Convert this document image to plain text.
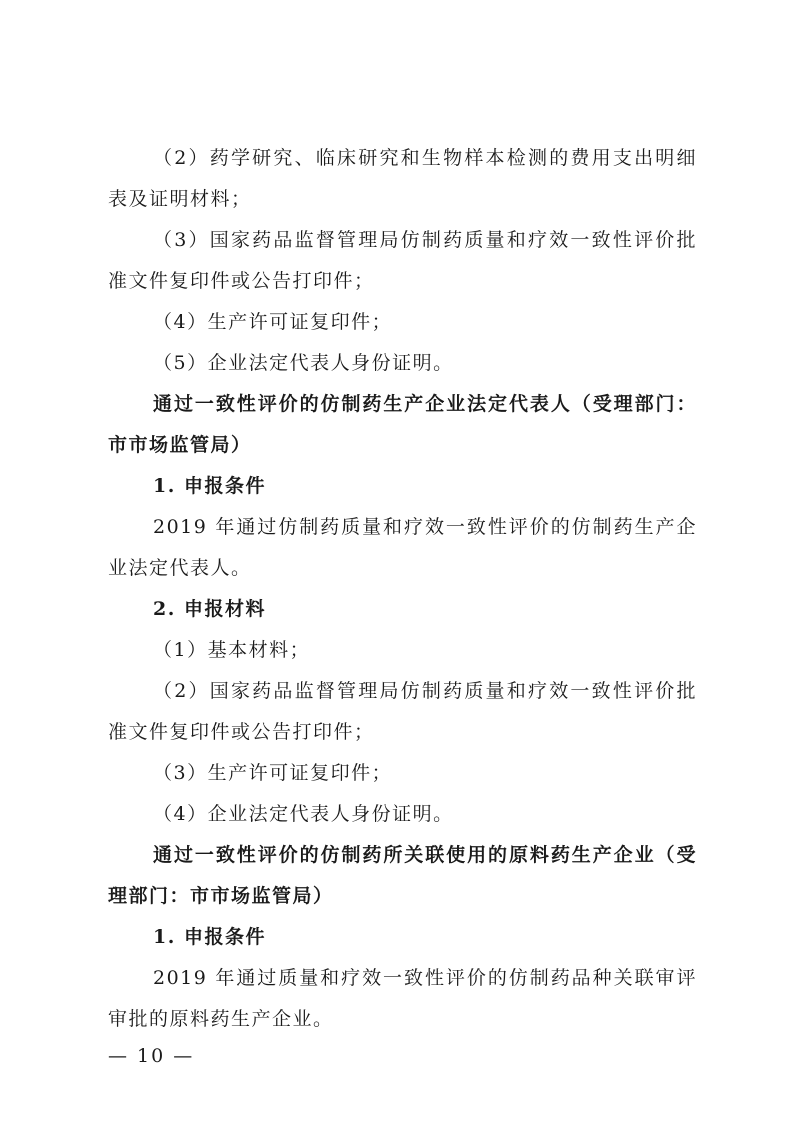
（2）药学研究、临床研究和生物样本检测的费用支出明细
表及证明材料；
（3）国家药品监督管理局仿制药质量和疗效一致性评价批
准文件复印件或公告打印件；
（4）生产许可证复印件；
（5）企业法定代表人身份证明。
通过一致性评价的仿制药生产企业法定代表人（受理部门：
市市场监管局）
1. 申报条件
2019 年通过仿制药质量和疗效一致性评价的仿制药生产企
业法定代表人。
2. 申报材料
（1）基本材料；
（2）国家药品监督管理局仿制药质量和疗效一致性评价批
准文件复印件或公告打印件；
（3）生产许可证复印件；
（4）企业法定代表人身份证明。
通过一致性评价的仿制药所关联使用的原料药生产企业（受
理部门：市市场监管局）
1. 申报条件
2019 年通过质量和疗效一致性评价的仿制药品种关联审评
审批的原料药生产企业。
— 10 —
